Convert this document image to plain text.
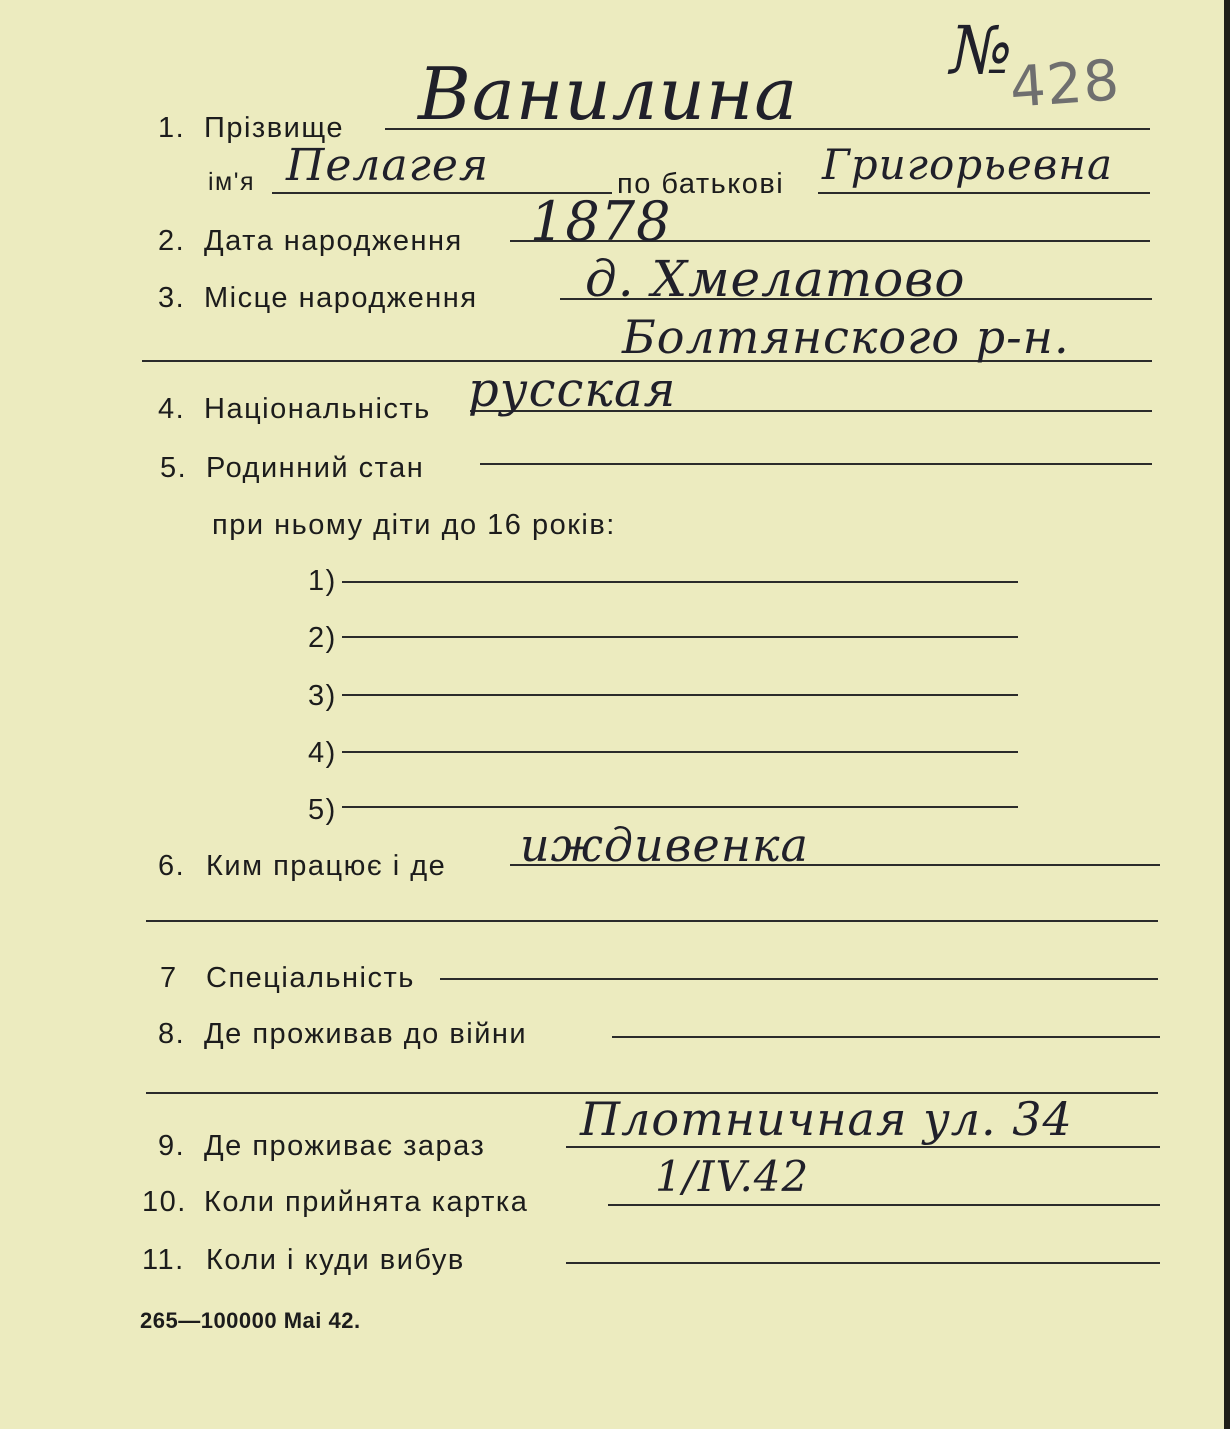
№
428
1. Прізвище Ванилина
ім'я Пелагея	по батькові Григорьевна
2. Дата народження 1878
3. Місце народження д. Хмелатово
Болтянского р-н.
4. Національність русская
5. Родинний стан
при ньому діти до 16 років:
1)
2)
3)
4)
5)
6. Ким працює і де иждивенка
7 Спеціальність
8. Де проживав до війни
9. Де проживає зараз Плотничная ул. 34
10. Коли прийнята картка
1/IV.42
11. Коли і куди вибув
265—100000 Mai 42.
